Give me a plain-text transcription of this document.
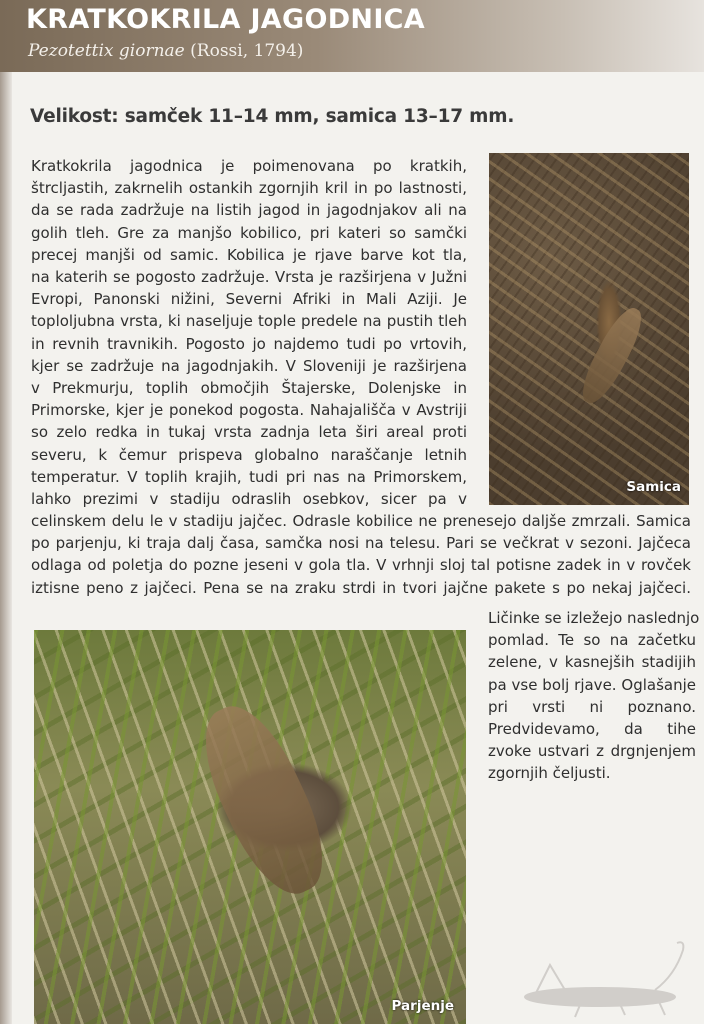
KRATKOKRILA JAGODNICA
Pezotettix giornae (Rossi, 1794)
Velikost: samček 11–14 mm, samica 13–17 mm.
Kratkokrila jagodnica je poimenovana po kratkih,
štrcljastih, zakrnelih ostankih zgornjih kril in po lastnosti,
da se rada zadržuje na listih jagod in jagodnjakov ali na
golih tleh. Gre za manjšo kobilico, pri kateri so samčki
precej manjši od samic. Kobilica je rjave barve kot tla,
na katerih se pogosto zadržuje. Vrsta je razširjena v Južni
Evropi, Panonski nižini, Severni Afriki in Mali Aziji. Je
toploljubna vrsta, ki naseljuje tople predele na pustih tleh
in revnih travnikih. Pogosto jo najdemo tudi po vrtovih,
kjer se zadržuje na jagodnjakih. V Sloveniji je razširjena
v Prekmurju, toplih območjih Štajerske, Dolenjske in
Primorske, kjer je ponekod pogosta. Nahajališča v Avstriji
so zelo redka in tukaj vrsta zadnja leta širi areal proti
severu, k čemur prispeva globalno naraščanje letnih
temperatur. V toplih krajih, tudi pri nas na Primorskem,
lahko prezimi v stadiju odraslih osebkov, sicer pa v
Samica
celinskem delu le v stadiju jajčec. Odrasle kobilice ne prenesejo daljše zmrzali. Samica
po parjenju, ki traja dalj časa, samčka nosi na telesu. Pari se večkrat v sezoni. Jajčeca
odlaga od poletja do pozne jeseni v gola tla. V vrhnji sloj tal potisne zadek in v rovček
iztisne peno z jajčeci. Pena se na zraku strdi in tvori jajčne pakete s po nekaj jajčeci.
Parjenje
Ličinke se izležejo naslednjo
pomlad. Te so na začetku
zelene, v kasnejših stadijih
pa vse bolj rjave. Oglašanje
pri vrsti ni poznano.
Predvidevamo, da tihe
zvoke ustvari z drgnjenjem
zgornjih čeljusti.
